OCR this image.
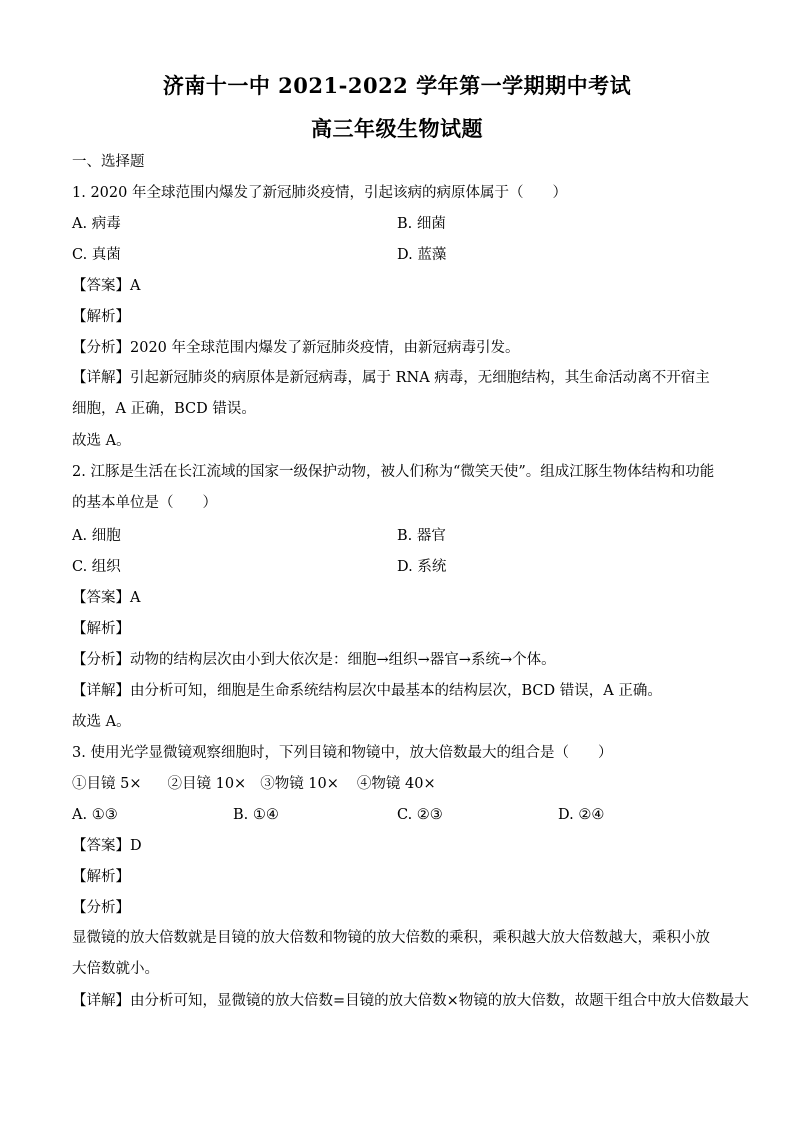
济南十一中 2021-2022 学年第一学期期中考试
高三年级生物试题
一、选择题
1. 2020 年全球范围内爆发了新冠肺炎疫情，引起该病的病原体属于（　　）
A. 病毒	B. 细菌
C. 真菌	D. 蓝藻
【答案】A
【解析】
【分析】2020 年全球范围内爆发了新冠肺炎疫情，由新冠病毒引发。
【详解】引起新冠肺炎的病原体是新冠病毒，属于 RNA 病毒，无细胞结构，其生命活动离不开宿主细胞，A 正确，BCD 错误。
故选 A。
2. 江豚是生活在长江流域的国家一级保护动物，被人们称为“微笑天使”。组成江豚生物体结构和功能的基本单位是（　　）
A. 细胞	B. 器官
C. 组织	D. 系统
【答案】A
【解析】
【分析】动物的结构层次由小到大依次是：细胞→组织→器官→系统→个体。
【详解】由分析可知，细胞是生命系统结构层次中最基本的结构层次，BCD 错误，A 正确。
故选 A。
3. 使用光学显微镜观察细胞时，下列目镜和物镜中，放大倍数最大的组合是（　　）
①目镜 5× ②目镜 10× ③物镜 10× ④物镜 40×
A. ①③	B. ①④	C. ②③	D. ②④
【答案】D
【解析】
【分析】
显微镜的放大倍数就是目镜的放大倍数和物镜的放大倍数的乘积，乘积越大放大倍数越大，乘积小放大倍数就小。
【详解】由分析可知，显微镜的放大倍数=目镜的放大倍数×物镜的放大倍数，故题干组合中放大倍数最大
